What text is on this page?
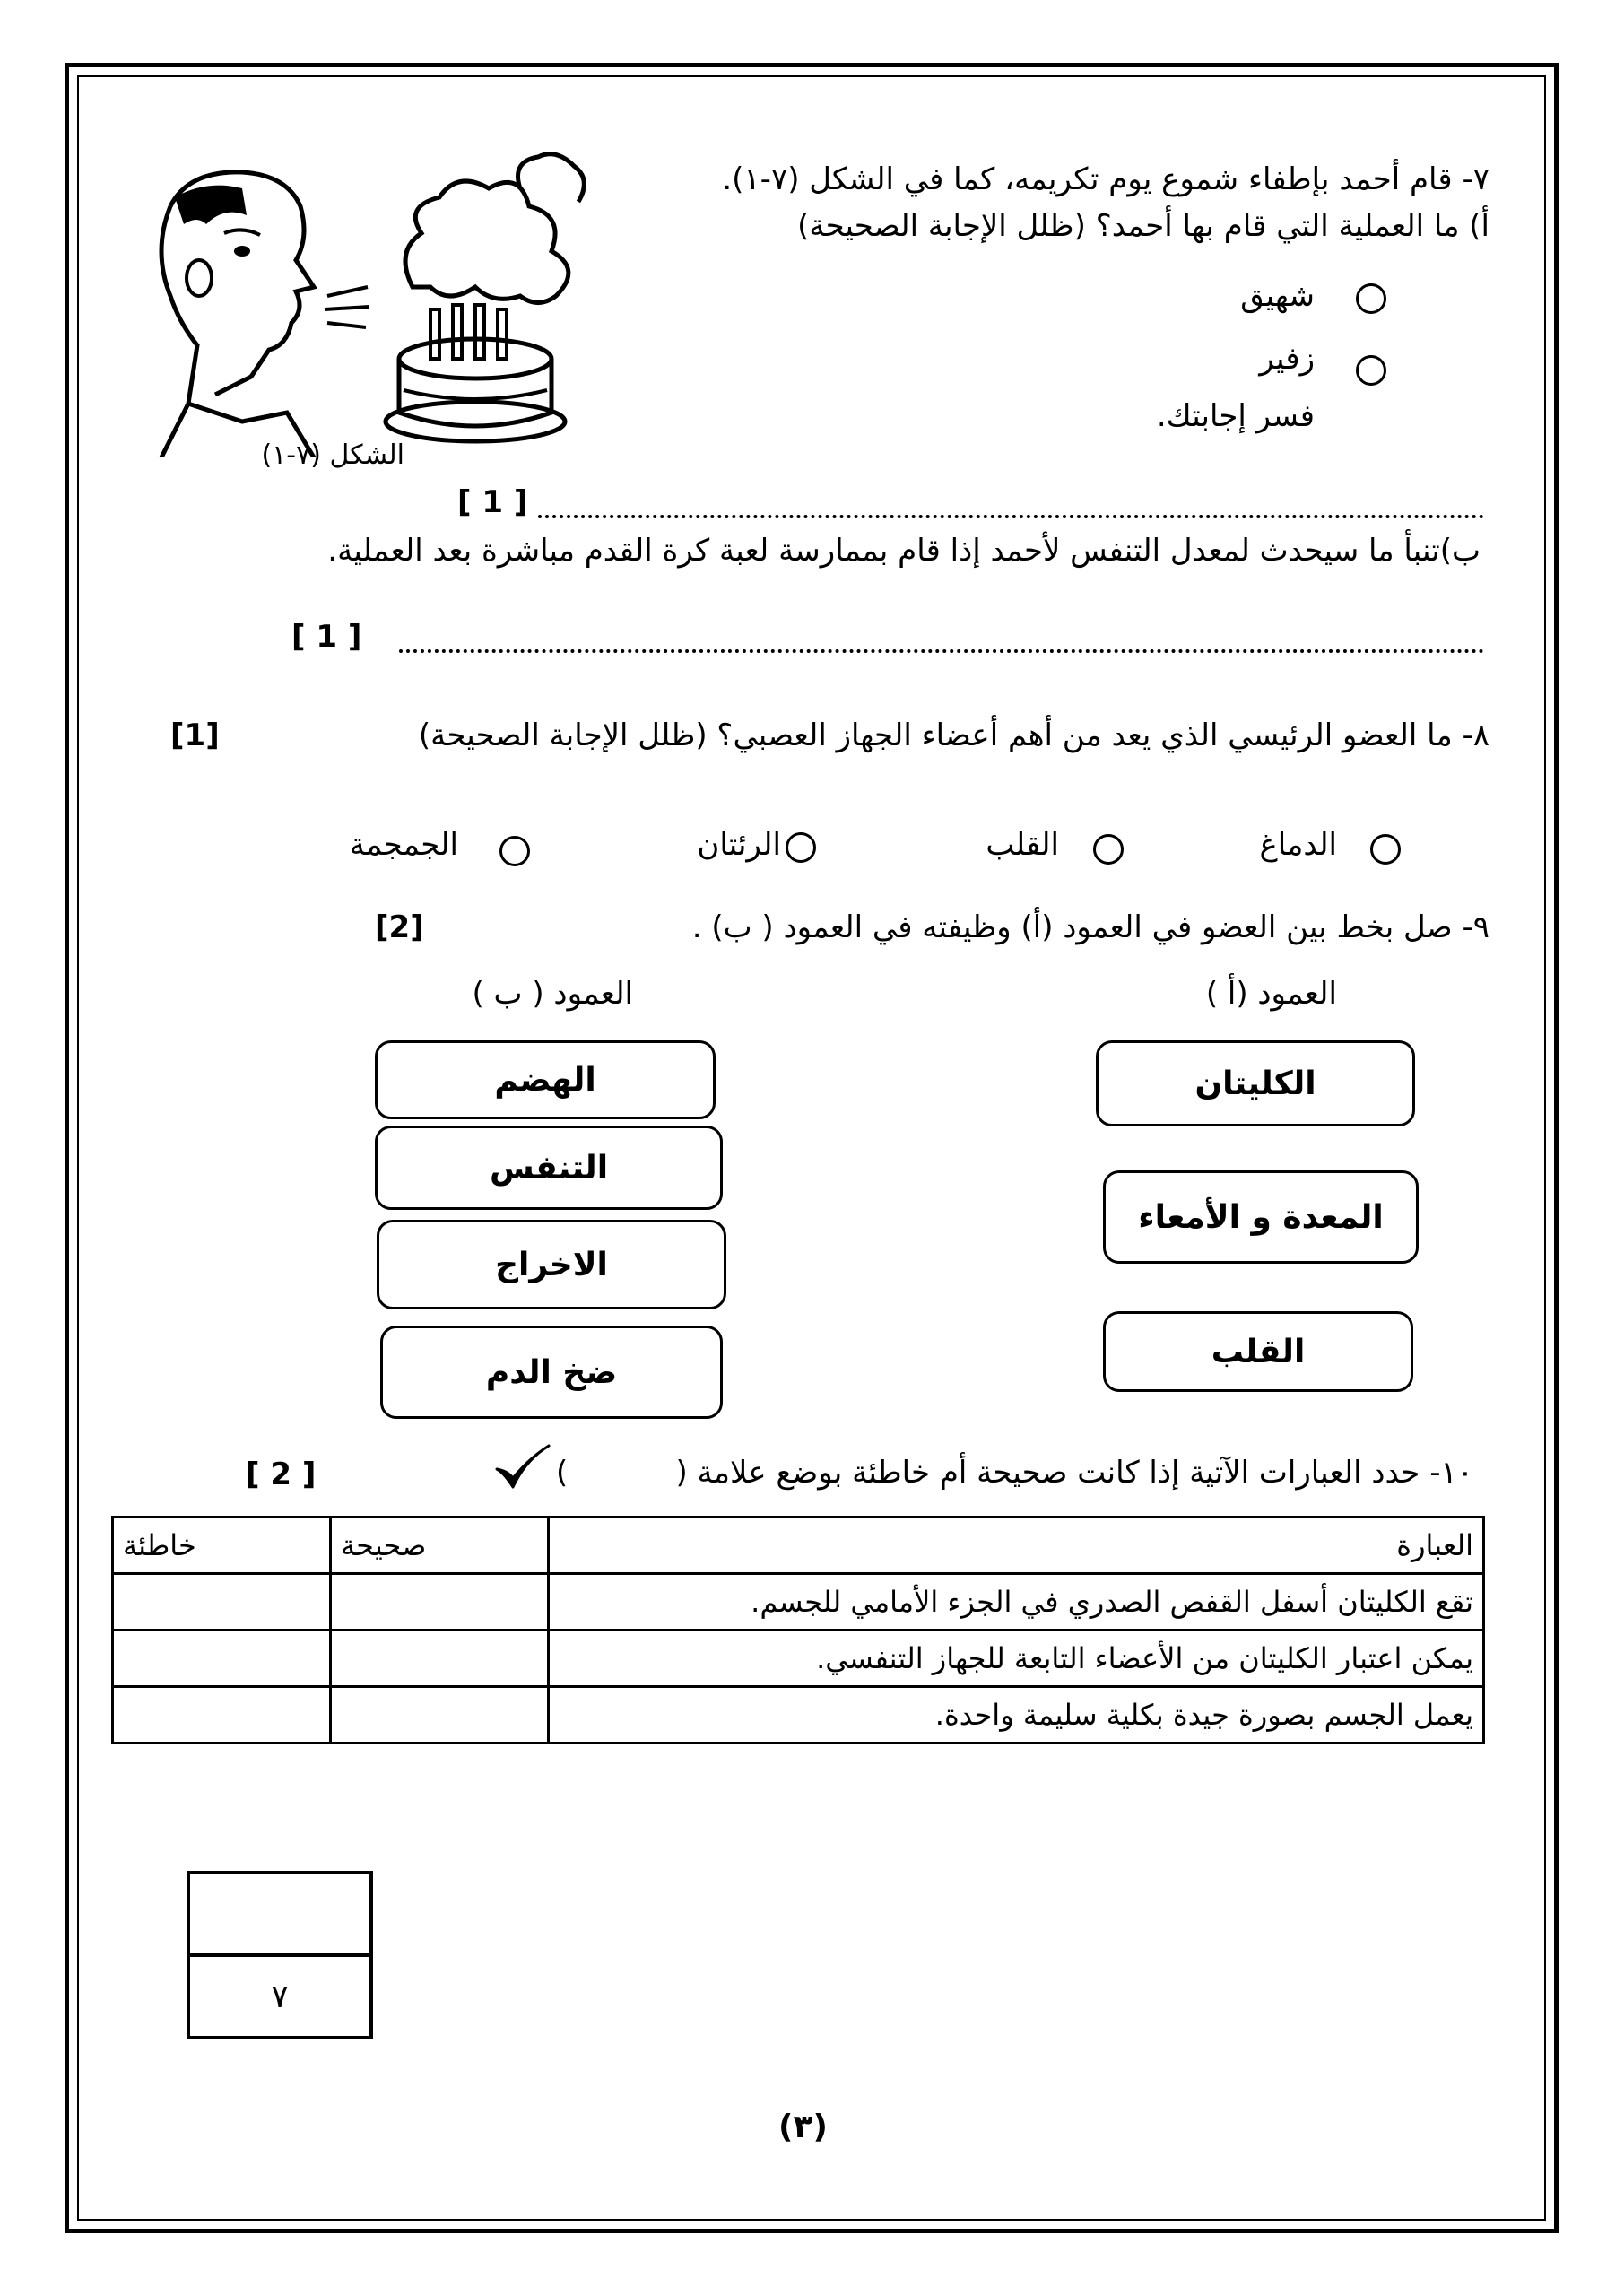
٧- قام أحمد بإطفاء شموع يوم تكريمه، كما في الشكل (٧-١).
أ) ما العملية التي قام بها أحمد؟ (ظلل الإجابة الصحيحة)
شهيق
زفير
فسر إجابتك.
الشكل (٧-١)
[ 1 ]
ب)تنبأ ما سيحدث لمعدل التنفس لأحمد إذا قام بممارسة لعبة كرة القدم مباشرة بعد العملية.
[ 1 ]
٨- ما العضو الرئيسي الذي يعد من أهم أعضاء الجهاز العصبي؟ (ظلل الإجابة الصحيحة)
[1]
الدماغ
القلب
الرئتان
الجمجمة
٩- صل بخط بين العضو في العمود (أ) وظيفته في العمود ( ب) .
[2]
العمود (أ )
العمود ( ب )
الكليتان
المعدة و الأمعاء
القلب
الهضم
التنفس
الاخراج
ضخ الدم
١٠- حدد العبارات الآتية إذا كانت صحيحة أم خاطئة بوضع علامة (
)
[ 2 ]
العبارة	صحيحة	خاطئة
تقع الكليتان أسفل القفص الصدري في الجزء الأمامي للجسم.		
يمكن اعتبار الكليتان من الأعضاء التابعة للجهاز التنفسي.		
يعمل الجسم بصورة جيدة بكلية سليمة واحدة.		

٧
(٣)
